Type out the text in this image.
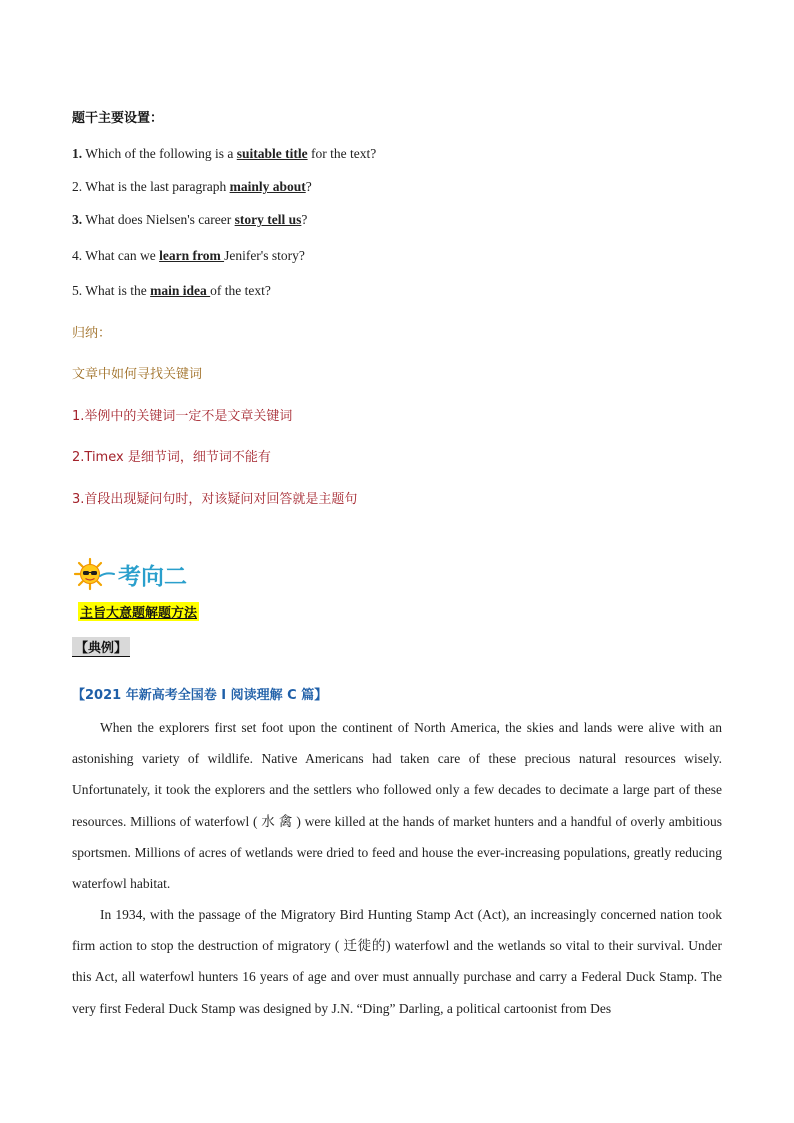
题干主要设置：
1. Which of the following is a suitable title for the text?
2. What is the last paragraph mainly about?
3. What does Nielsen's career story tell us?
4. What can we learn from Jenifer's story?
5. What is the main idea of the text?
归纳：
文章中如何寻找关键词
1.举例中的关键词一定不是文章关键词
2.Timex 是细节词，细节词不能有
3.首段出现疑问句时，对该疑问对回答就是主题句
考向二
主旨大意题解题方法
【典例】
【2021 年新高考全国卷 I 阅读理解 C 篇】

When the explorers first set foot upon the continent of North America, the skies and lands were alive with an astonishing variety of wildlife. Native Americans had taken care of these precious natural resources wisely. Unfortunately, it took the explorers and the settlers who followed only a few decades to decimate a large part of these resources. Millions of waterfowl ( 水 禽 ) were killed at the hands of market hunters and a handful of overly ambitious sportsmen. Millions of acres of wetlands were dried to feed and house the ever-increasing populations, greatly reducing waterfowl habitat.

In 1934, with the passage of the Migratory Bird Hunting Stamp Act (Act), an increasingly concerned nation took firm action to stop the destruction of migratory ( 迁徙的) waterfowl and the wetlands so vital to their survival. Under this Act, all waterfowl hunters 16 years of age and over must annually purchase and carry a Federal Duck Stamp. The very first Federal Duck Stamp was designed by J.N. “Ding” Darling, a political cartoonist from Des
